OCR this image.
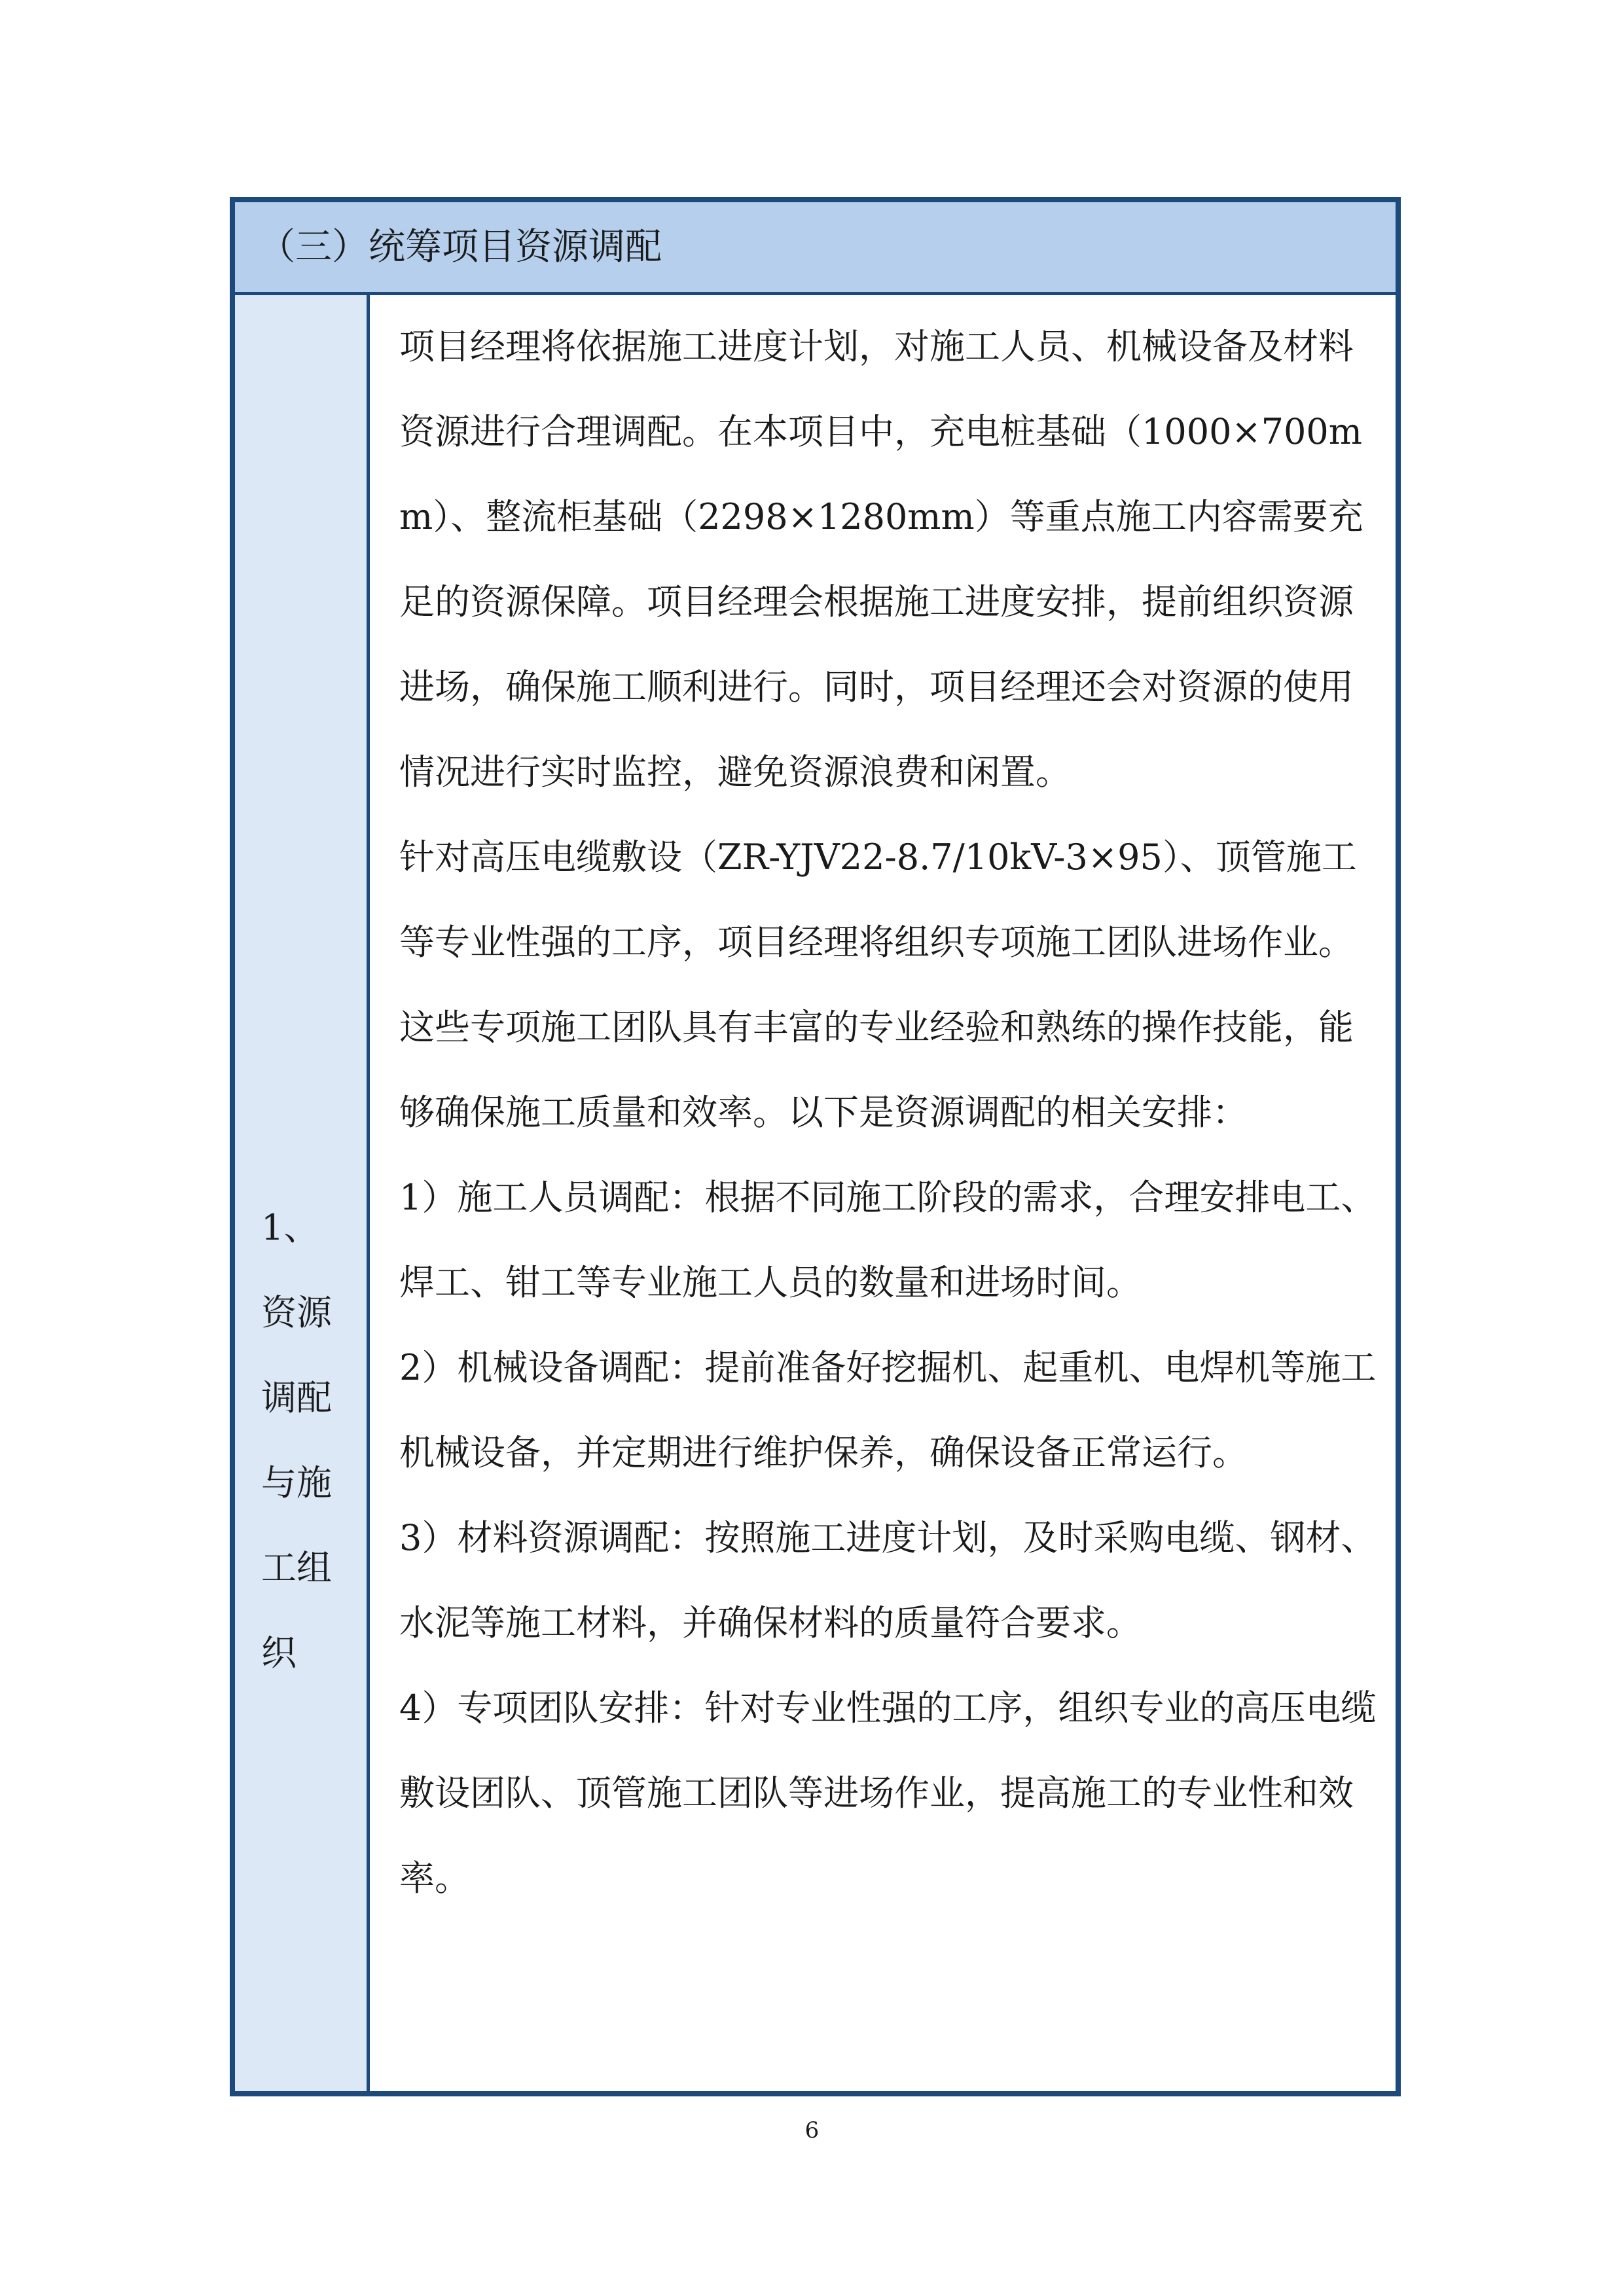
（三）统筹项目资源调配
1、资源调配与施工组织

项目经理将依据施工进度计划，对施工人员、机械设备及材料资源进行合理调配。在本项目中，充电桩基础（1000×700mm）、整流柜基础（2298×1280mm）等重点施工内容需要充足的资源保障。项目经理会根据施工进度安排，提前组织资源进场，确保施工顺利进行。同时，项目经理还会对资源的使用情况进行实时监控，避免资源浪费和闲置。

针对高压电缆敷设（ZR-YJV22-8.7/10kV-3×95）、顶管施工等专业性强的工序，项目经理将组织专项施工团队进场作业。这些专项施工团队具有丰富的专业经验和熟练的操作技能，能够确保施工质量和效率。以下是资源调配的相关安排：

1）施工人员调配：根据不同施工阶段的需求，合理安排电工、焊工、钳工等专业施工人员的数量和进场时间。

2）机械设备调配：提前准备好挖掘机、起重机、电焊机等施工机械设备，并定期进行维护保养，确保设备正常运行。

3）材料资源调配：按照施工进度计划，及时采购电缆、钢材、水泥等施工材料，并确保材料的质量符合要求。

4）专项团队安排：针对专业性强的工序，组织专业的高压电缆敷设团队、顶管施工团队等进场作业，提高施工的专业性和效率。

6
